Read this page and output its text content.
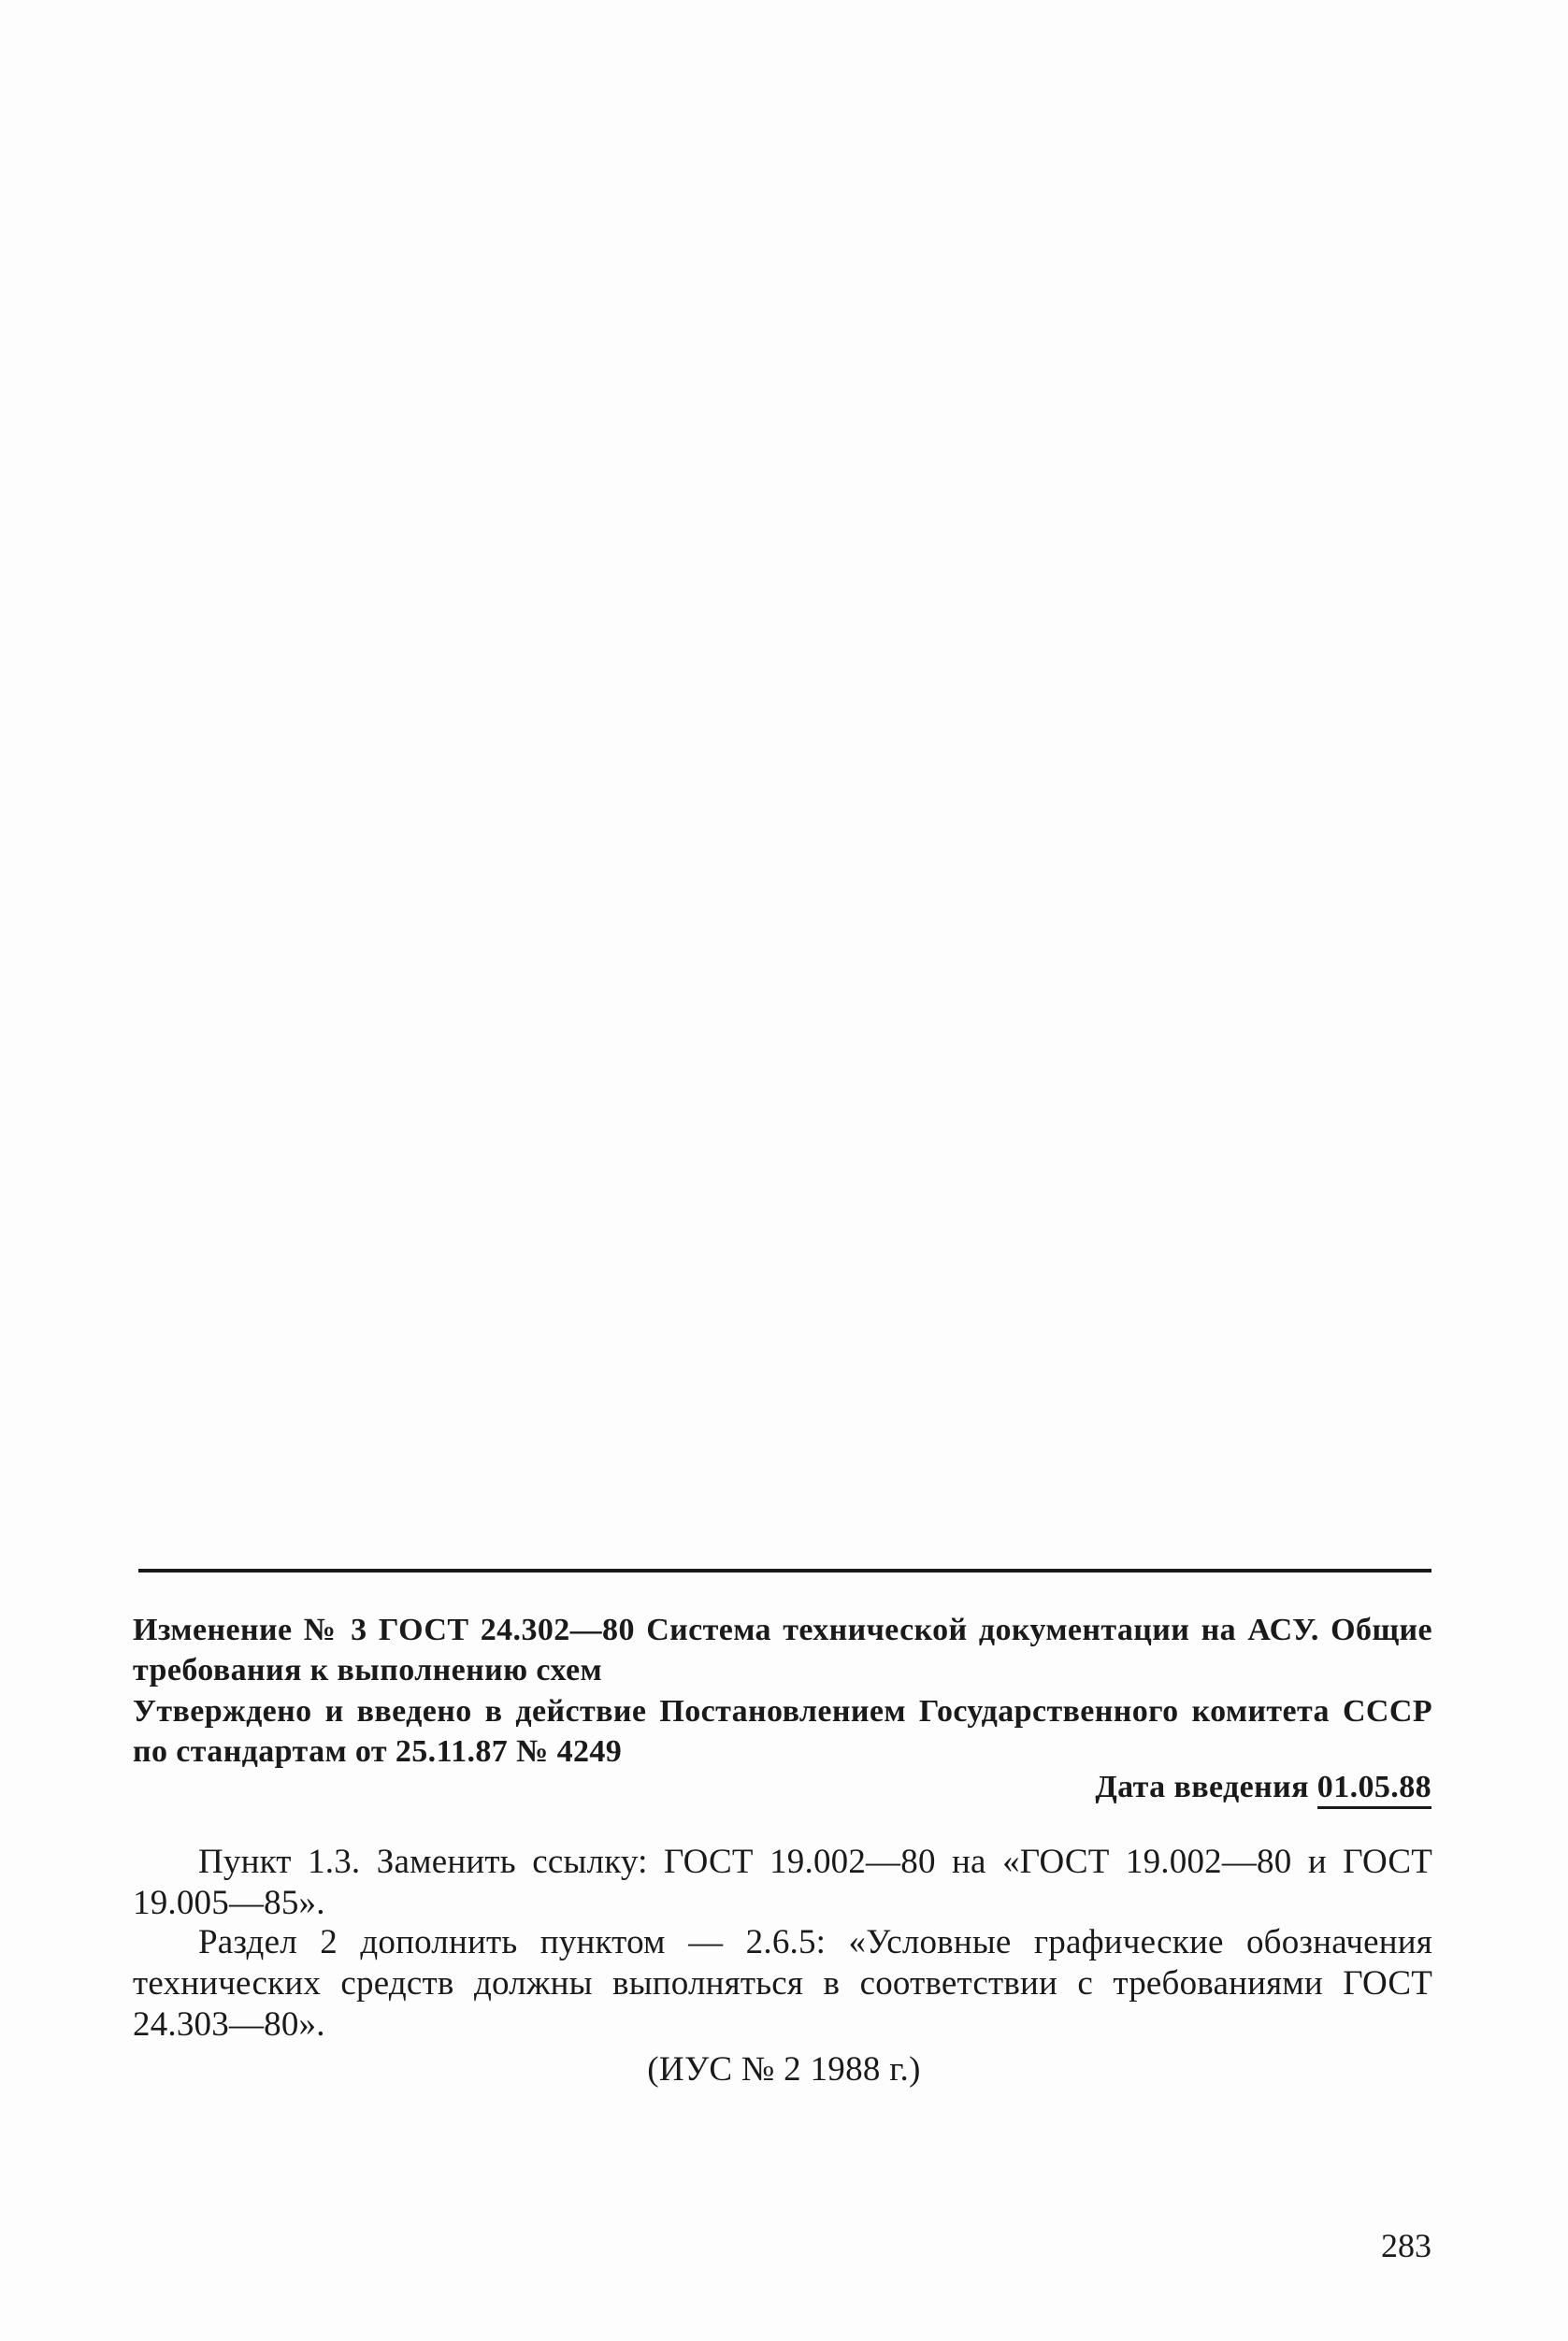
Изменение № 3 ГОСТ 24.302—80 Система технической документации на АСУ. Общие требования к выполнению схем
Утверждено и введено в действие Постановлением Государственного комитета СССР по стандартам от 25.11.87 № 4249
Дата введения 01.05.88
Пункт 1.3. Заменить ссылку: ГОСТ 19.002—80 на «ГОСТ 19.002—80 и ГОСТ 19.005—85».
Раздел 2 дополнить пунктом — 2.6.5: «Условные графические обозначения технических средств должны выполняться в соответствии с требованиями ГОСТ 24.303—80».
(ИУС № 2 1988 г.)
283
